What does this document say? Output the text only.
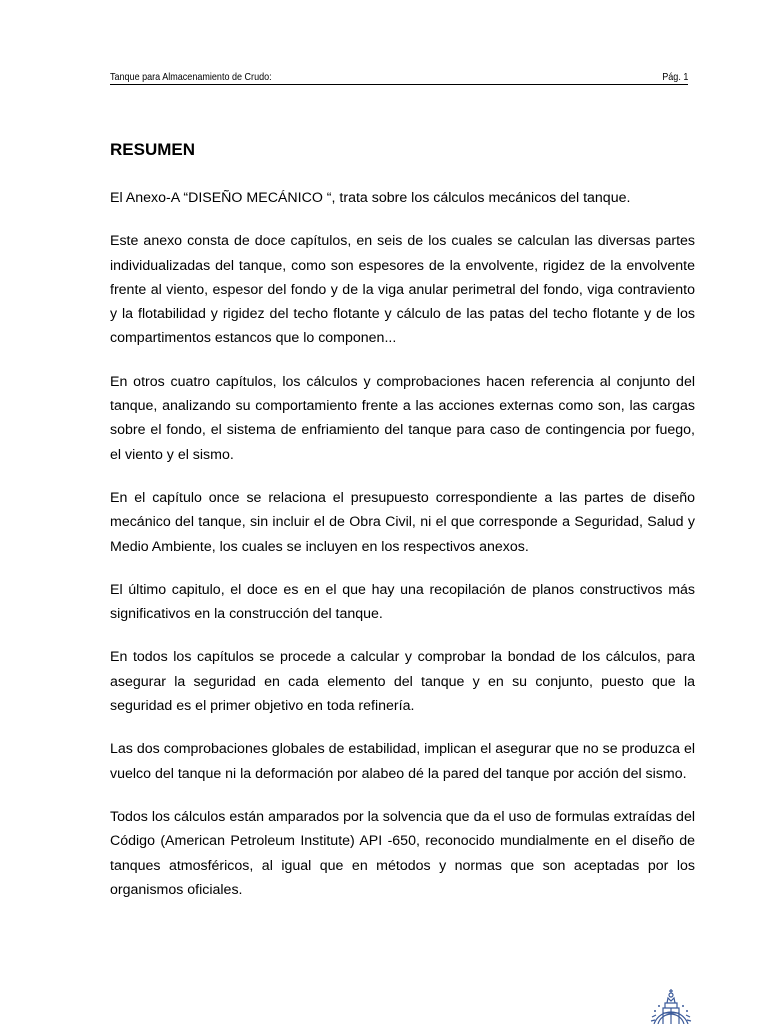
Tanque para Almacenamiento de Crudo:	Pág. 1
RESUMEN

El Anexo-A “DISEÑO MECÁNICO “, trata sobre los cálculos mecánicos del tanque.

Este anexo consta de doce capítulos, en seis de los cuales se calculan las diversas partes individualizadas del tanque, como son espesores de la envolvente, rigidez de la envolvente frente al viento, espesor del fondo y de la viga anular perimetral del fondo, viga contraviento y la flotabilidad y rigidez del techo flotante y cálculo de las patas del techo flotante y de los compartimentos estancos que lo componen...

En otros cuatro capítulos, los cálculos y comprobaciones hacen referencia al conjunto del tanque, analizando su comportamiento frente a las acciones externas como son, las cargas sobre el fondo, el sistema de enfriamiento del tanque para caso de contingencia por fuego, el viento y el sismo.

En el capítulo once se relaciona el presupuesto correspondiente a las partes de diseño mecánico del tanque, sin incluir el de Obra Civil, ni el que corresponde a Seguridad, Salud y Medio Ambiente, los cuales se incluyen en los respectivos anexos.

El último capitulo, el doce es en el que hay una recopilación de planos constructivos más significativos en la construcción del tanque.

En todos los capítulos se procede a calcular y comprobar la bondad de los cálculos, para asegurar la seguridad en cada elemento del tanque y en su conjunto, puesto que la seguridad es el primer objetivo en toda refinería.

Las dos comprobaciones globales de estabilidad, implican el asegurar que no se produzca el vuelco del tanque ni la deformación por alabeo dé la pared del tanque por acción del sismo.

Todos los cálculos están amparados por la solvencia que da el uso de formulas extraídas del Código (American Petroleum Institute) API -650, reconocido mundialmente en el diseño de tanques atmosféricos, al igual que en métodos y normas que son aceptadas por los organismos oficiales.
